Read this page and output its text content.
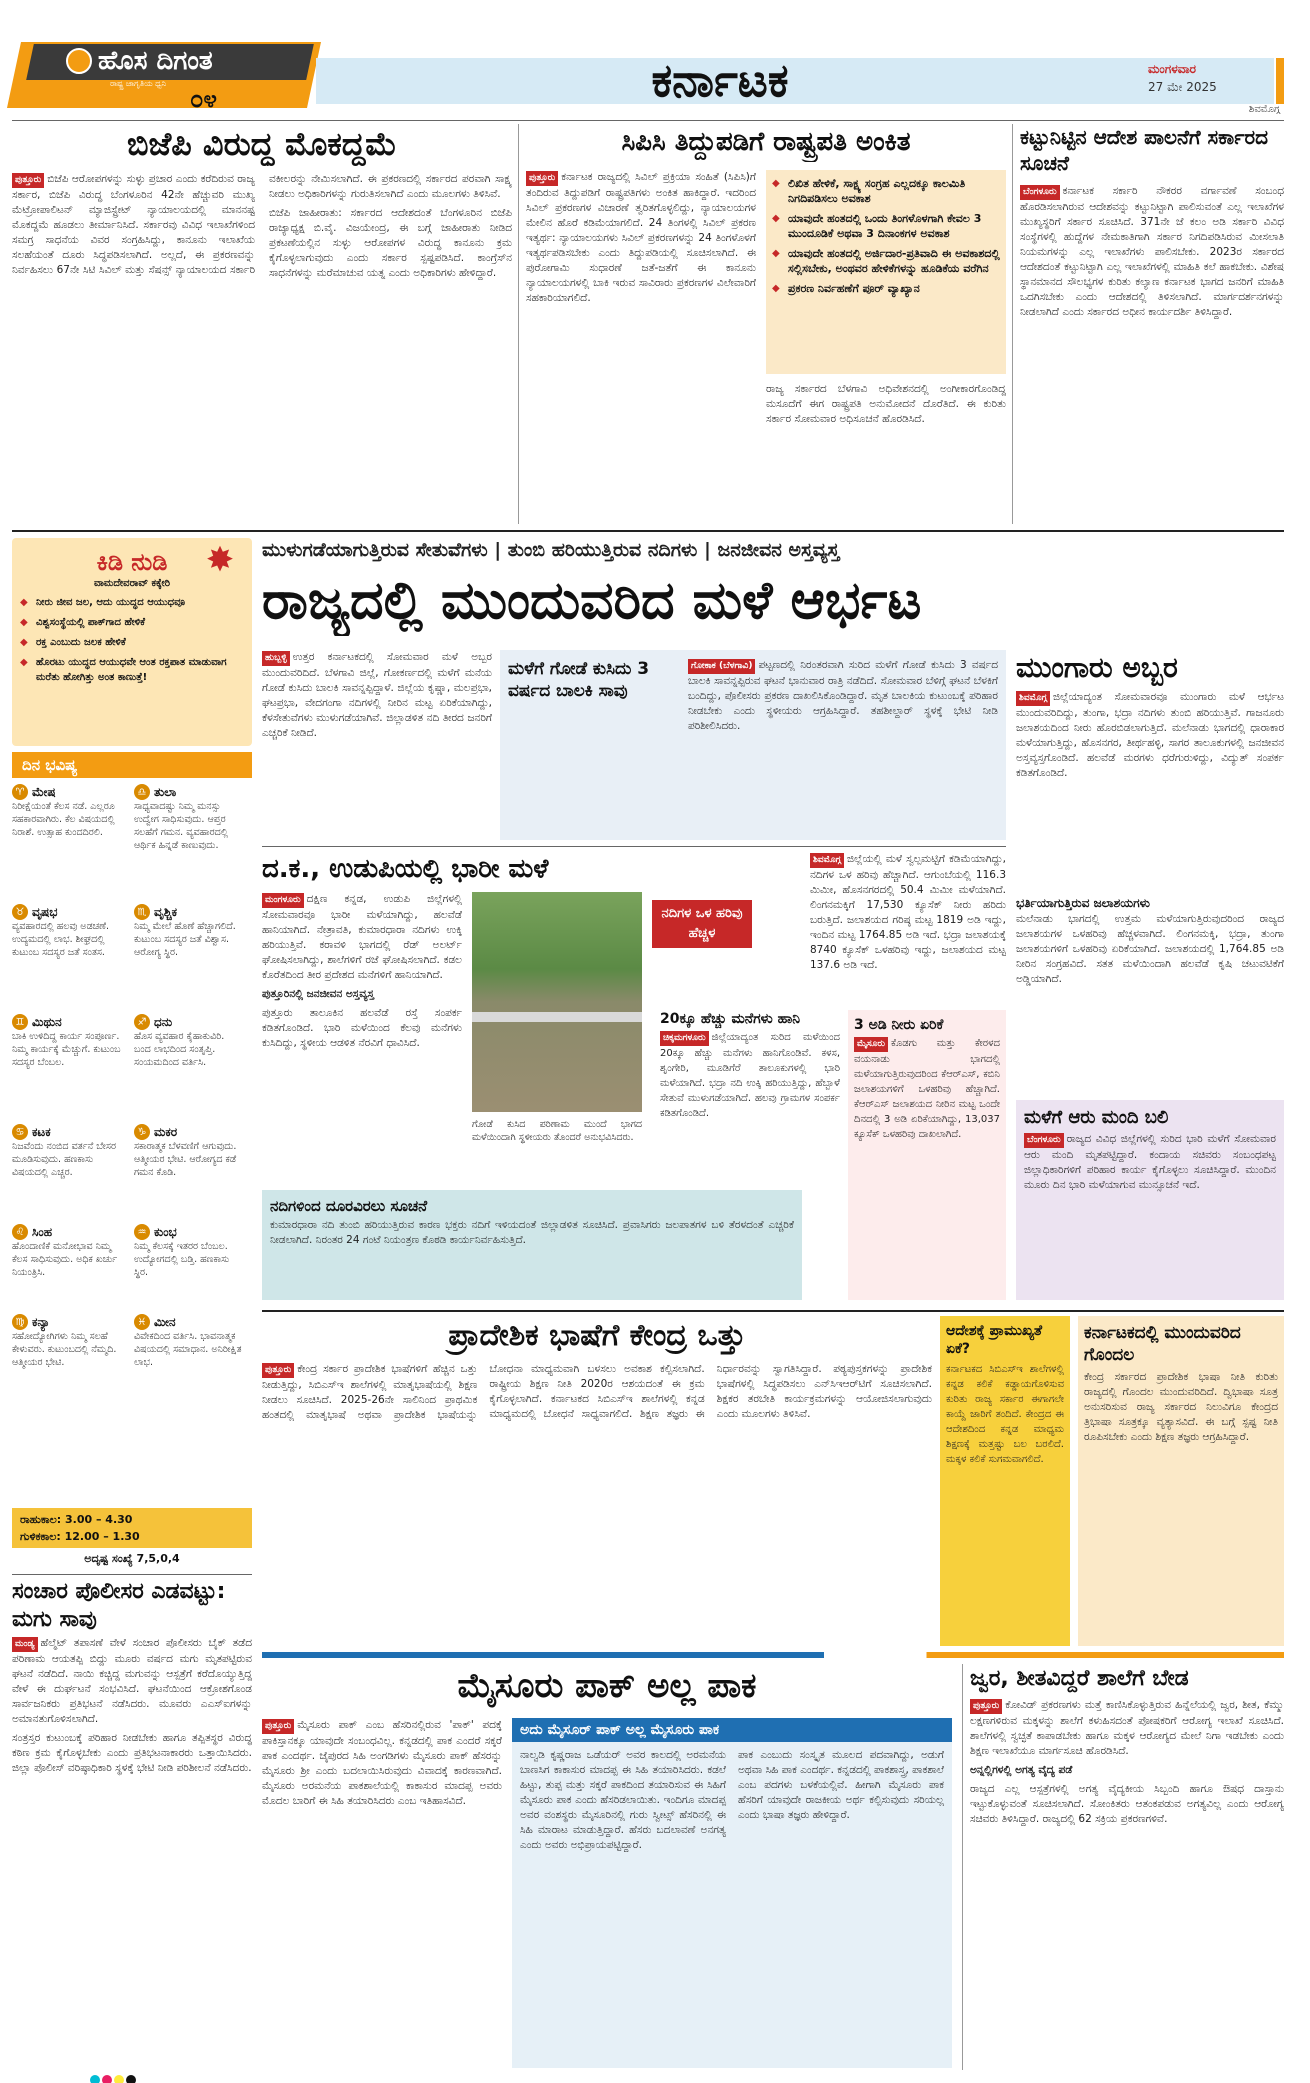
ಹೊಸ ದಿಗಂತ
ರಾಷ್ಟ್ರ ಜಾಗೃತಿಯ ಧ್ವನಿ
೦೪	ಕರ್ನಾಟಕ	ಮಂಗಳವಾರ
27 ಮೇ 2025
ಶಿವಮೊಗ್ಗ
ಬಿಜೆಪಿ ವಿರುದ್ಧ ಮೊಕದ್ದಮೆ

ಪುತ್ತೂರು ಬಿಜೆಪಿ ಆರೋಪಗಳನ್ನು ಸುಳ್ಳು ಪ್ರಚಾರ ಎಂದು ಕರೆದಿರುವ ರಾಜ್ಯ ಸರ್ಕಾರ, ಬಿಜೆಪಿ ವಿರುದ್ಧ ಬೆಂಗಳೂರಿನ 42ನೇ ಹೆಚ್ಚುವರಿ ಮುಖ್ಯ ಮೆಟ್ರೋಪಾಲಿಟನ್ ಮ್ಯಾಜಿಸ್ಟ್ರೇಟ್ ನ್ಯಾಯಾಲಯದಲ್ಲಿ ಮಾನನಷ್ಟ ಮೊಕದ್ದಮೆ ಹೂಡಲು ತೀರ್ಮಾನಿಸಿದೆ. ಸರ್ಕಾರವು ವಿವಿಧ ಇಲಾಖೆಗಳಿಂದ ಸಮಗ್ರ ಸಾಧನೆಯ ವಿವರ ಸಂಗ್ರಹಿಸಿದ್ದು, ಕಾನೂನು ಇಲಾಖೆಯ ಸಲಹೆಯಂತೆ ದೂರು ಸಿದ್ಧಪಡಿಸಲಾಗಿದೆ. ಅಲ್ಲದೆ, ಈ ಪ್ರಕರಣವನ್ನು ನಿರ್ವಹಿಸಲು 67ನೇ ಸಿಟಿ ಸಿವಿಲ್ ಮತ್ತು ಸೆಷನ್ಸ್ ನ್ಯಾಯಾಲಯದ ಸರ್ಕಾರಿ ವಕೀಲರನ್ನು ನೇಮಿಸಲಾಗಿದೆ. ಈ ಪ್ರಕರಣದಲ್ಲಿ ಸರ್ಕಾರದ ಪರವಾಗಿ ಸಾಕ್ಷ್ಯ ನೀಡಲು ಅಧಿಕಾರಿಗಳನ್ನು ಗುರುತಿಸಲಾಗಿದೆ ಎಂದು ಮೂಲಗಳು ತಿಳಿಸಿವೆ.

ಬಿಜೆಪಿ ಜಾಹೀರಾತು: ಸರ್ಕಾರದ ಆದೇಶದಂತೆ ಬೆಂಗಳೂರಿನ ಬಿಜೆಪಿ ರಾಜ್ಯಾಧ್ಯಕ್ಷ ಬಿ.ವೈ. ವಿಜಯೇಂದ್ರ, ಈ ಬಗ್ಗೆ ಜಾಹೀರಾತು ನೀಡಿದ ಪ್ರಕಟಣೆಯಲ್ಲಿನ ಸುಳ್ಳು ಆರೋಪಗಳ ವಿರುದ್ಧ ಕಾನೂನು ಕ್ರಮ ಕೈಗೊಳ್ಳಲಾಗುವುದು ಎಂದು ಸರ್ಕಾರ ಸ್ಪಷ್ಟಪಡಿಸಿದೆ. ಕಾಂಗ್ರೆಸ್‌ನ ಸಾಧನೆಗಳನ್ನು ಮರೆಮಾಚುವ ಯತ್ನ ಎಂದು ಅಧಿಕಾರಿಗಳು ಹೇಳಿದ್ದಾರೆ.

ಸಿಪಿಸಿ ತಿದ್ದುಪಡಿಗೆ ರಾಷ್ಟ್ರಪತಿ ಅಂಕಿತ

ಪುತ್ತೂರು ಕರ್ನಾಟಕ ರಾಜ್ಯದಲ್ಲಿ ಸಿವಿಲ್ ಪ್ರಕ್ರಿಯಾ ಸಂಹಿತೆ (ಸಿಪಿಸಿ)ಗೆ ತಂದಿರುವ ತಿದ್ದುಪಡಿಗೆ ರಾಷ್ಟ್ರಪತಿಗಳು ಅಂಕಿತ ಹಾಕಿದ್ದಾರೆ. ಇದರಿಂದ ಸಿವಿಲ್ ಪ್ರಕರಣಗಳ ವಿಚಾರಣೆ ತ್ವರಿತಗೊಳ್ಳಲಿದ್ದು, ನ್ಯಾಯಾಲಯಗಳ ಮೇಲಿನ ಹೊರೆ ಕಡಿಮೆಯಾಗಲಿದೆ. 24 ತಿಂಗಳಲ್ಲಿ ಸಿವಿಲ್ ಪ್ರಕರಣ ಇತ್ಯರ್ಥ: ನ್ಯಾಯಾಲಯಗಳು ಸಿವಿಲ್ ಪ್ರಕರಣಗಳನ್ನು 24 ತಿಂಗಳೊಳಗೆ ಇತ್ಯರ್ಥಪಡಿಸಬೇಕು ಎಂದು ತಿದ್ದುಪಡಿಯಲ್ಲಿ ಸೂಚಿಸಲಾಗಿದೆ. ಈ ಪುರೋಗಾಮಿ ಸುಧಾರಣೆ ಜತೆ-ಜತೆಗೆ ಈ ಕಾನೂನು ನ್ಯಾಯಾಲಯಗಳಲ್ಲಿ ಬಾಕಿ ಇರುವ ಸಾವಿರಾರು ಪ್ರಕರಣಗಳ ವಿಲೇವಾರಿಗೆ ಸಹಕಾರಿಯಾಗಲಿದೆ.

◆ ಲಿಖಿತ ಹೇಳಿಕೆ, ಸಾಕ್ಷ್ಯ ಸಂಗ್ರಹ ಎಲ್ಲದಕ್ಕೂ ಕಾಲಮಿತಿ ನಿಗದಿಪಡಿಸಲು ಅವಕಾಶ
◆ ಯಾವುದೇ ಹಂತದಲ್ಲಿ ಒಂದು ತಿಂಗಳೊಳಗಾಗಿ ಕೇವಲ 3 ಮುಂದೂಡಿಕೆ ಅಥವಾ 3 ದಿನಾಂಕಗಳ ಅವಕಾಶ
◆ ಯಾವುದೇ ಹಂತದಲ್ಲಿ ಅರ್ಜಿದಾರ-ಪ್ರತಿವಾದಿ ಈ ಅವಕಾಶದಲ್ಲಿ ಸಲ್ಲಿಸಬೇಕು, ಅಂಥವರ ಹೇಳಿಕೆಗಳನ್ನು ಹೂಡಿಕೆಯ ವರೆಗಿನ
◆ ಪ್ರಕರಣ ನಿರ್ವಹಣೆಗೆ ಪೂರ್ ವ್ಯಾಖ್ಯಾನ
ರಾಜ್ಯ ಸರ್ಕಾರದ ಬೆಳಗಾವಿ ಅಧಿವೇಶನದಲ್ಲಿ ಅಂಗೀಕಾರಗೊಂಡಿದ್ದ ಮಸೂದೆಗೆ ಈಗ ರಾಷ್ಟ್ರಪತಿ ಅನುಮೋದನೆ ದೊರೆತಿದೆ. ಈ ಕುರಿತು ಸರ್ಕಾರ ಸೋಮವಾರ ಅಧಿಸೂಚನೆ ಹೊರಡಿಸಿದೆ.
ಕಟ್ಟುನಿಟ್ಟಿನ ಆದೇಶ ಪಾಲನೆಗೆ ಸರ್ಕಾರದ ಸೂಚನೆ

ಬೆಂಗಳೂರು ಕರ್ನಾಟಕ ಸರ್ಕಾರಿ ನೌಕರರ ವರ್ಗಾವಣೆ ಸಂಬಂಧ ಹೊರಡಿಸಲಾಗಿರುವ ಆದೇಶವನ್ನು ಕಟ್ಟುನಿಟ್ಟಾಗಿ ಪಾಲಿಸುವಂತೆ ಎಲ್ಲ ಇಲಾಖೆಗಳ ಮುಖ್ಯಸ್ಥರಿಗೆ ಸರ್ಕಾರ ಸೂಚಿಸಿದೆ. 371ನೇ ಜೆ ಕಲಂ ಅಡಿ ಸರ್ಕಾರಿ ವಿವಿಧ ಸಂಸ್ಥೆಗಳಲ್ಲಿ ಹುದ್ದೆಗಳ ನೇಮಕಾತಿಗಾಗಿ ಸರ್ಕಾರ ನಿಗದಿಪಡಿಸಿರುವ ಮೀಸಲಾತಿ ನಿಯಮಗಳನ್ನು ಎಲ್ಲ ಇಲಾಖೆಗಳು ಪಾಲಿಸಬೇಕು. 2023ರ ಸರ್ಕಾರದ ಆದೇಶದಂತೆ ಕಟ್ಟುನಿಟ್ಟಾಗಿ ಎಲ್ಲ ಇಲಾಖೆಗಳಲ್ಲಿ ಮಾಹಿತಿ ಕಲೆ ಹಾಕಬೇಕು. ವಿಶೇಷ ಸ್ಥಾನಮಾನದ ಸೌಲಭ್ಯಗಳ ಕುರಿತು ಕಲ್ಯಾಣ ಕರ್ನಾಟಕ ಭಾಗದ ಜನರಿಗೆ ಮಾಹಿತಿ ಒದಗಿಸಬೇಕು ಎಂದು ಆದೇಶದಲ್ಲಿ ತಿಳಿಸಲಾಗಿದೆ. ಮಾರ್ಗದರ್ಶನಗಳನ್ನು ನೀಡಲಾಗಿದೆ ಎಂದು ಸರ್ಕಾರದ ಅಧೀನ ಕಾರ್ಯದರ್ಶಿ ತಿಳಿಸಿದ್ದಾರೆ.

ಕಿಡಿ ನುಡಿ
ವಾಮದೇವರಾವ್ ಕಕ್ಕೇರಿ
◆ ನೀರು ಜೀವ ಜಲ, ಆದು ಯುದ್ಧದ ಆಯುಧವೂ
◆ ವಿಶ್ವಸಂಸ್ಥೆಯಲ್ಲಿ ಪಾಕ್‌ಗಾದ ಹೇಳಿಕೆ
◆ ರಕ್ತ ಎಂಬುದು ಜಲಕ ಹೇಳಿಕೆ
◆ ಹೊರಟು ಯುದ್ಧದ ಆಯುಧವೇ ಆಂತ ರಕ್ತಪಾತ ಮಾಡುವಾಗ ಮರೆತು ಹೋಗಿತ್ತು ಅಂತ ಕಾಣುತ್ತೆ!
✸
ದಿನ ಭವಿಷ್ಯ
♈ ಮೇಷ
ನಿರೀಕ್ಷೆಯಂತೆ ಕೆಲಸ ನಡೆ. ಎಲ್ಲರೂ ಸಹಕಾರವಾಗಿರು. ಕೆಲ ವಿಷಯದಲ್ಲಿ ನಿರಾಶೆ. ಉತ್ಸಾಹ ಕುಂದದಿರಲಿ.
♎ ತುಲಾ
ಸಾಧ್ಯವಾದಷ್ಟು ನಿಮ್ಮ ಮನಸ್ಸು ಉದ್ವೇಗ ಸಾಧಿಸುವುದು. ಆಪ್ತರ ಸಲಹೆಗೆ ಗಮನ. ವ್ಯವಹಾರದಲ್ಲಿ ಆರ್ಥಿಕ ಹಿನ್ನಡೆ ಕಾಣುವುದು.
♉ ವೃಷಭ
ವ್ಯವಹಾರದಲ್ಲಿ ಹಲವು ಅಡಚಣೆ. ಉದ್ಯಮದಲ್ಲಿ ಲಾಭ. ಶೀಘ್ರದಲ್ಲಿ ಕುಟುಂಬ ಸದಸ್ಯರ ಜತೆ ಸಂತಸ.
♏ ವೃಶ್ಚಿಕ
ನಿಮ್ಮ ಮೇಲೆ ಹೊಣೆ ಹೆಚ್ಚಾಗಲಿದೆ. ಕುಟುಂಬ ಸದಸ್ಯರ ಜತೆ ವಿಶ್ವಾಸ. ಆರೋಗ್ಯ ಸ್ಥಿರ.
♊ ಮಿಥುನ
ಬಾಕಿ ಉಳಿದಿದ್ದ ಕಾರ್ಯ ಸಂಪೂರ್ಣ. ನಿಮ್ಮ ಕಾರ್ಯಕ್ಕೆ ಮೆಚ್ಚುಗೆ. ಕುಟುಂಬ ಸದಸ್ಯರ ಬೆಂಬಲ.
♐ ಧನು
ಹೊಸ ವ್ಯವಹಾರ ಕೈಹಾಕುವಿರಿ. ಬಂದ ಲಾಭದಿಂದ ಸಂತೃಪ್ತಿ. ಸಂಯಮದಿಂದ ವರ್ತಿಸಿ.
♋ ಕಟಕ
ನಿಜವೆಂದು ನಂಬಿದ ವರ್ತನೆ ಬೇಸರ ಮೂಡಿಸುವುದು. ಹಣಕಾಸು ವಿಷಯದಲ್ಲಿ ಎಚ್ಚರ.
♑ ಮಕರ
ಸಕಾರಾತ್ಮಕ ಬೆಳವಣಿಗೆ ಆಗುವುದು. ಆತ್ಮೀಯರ ಭೇಟಿ. ಆರೋಗ್ಯದ ಕಡೆ ಗಮನ ಕೊಡಿ.
♌ ಸಿಂಹ
ಹೊಂದಾಣಿಕೆ ಮನೋಭಾವ ನಿಮ್ಮ ಕೆಲಸ ಸಾಧಿಸುವುದು. ಅಧಿಕ ಖರ್ಚು ನಿಯಂತ್ರಿಸಿ.
♒ ಕುಂಭ
ನಿಮ್ಮ ಕೆಲಸಕ್ಕೆ ಇತರರ ಬೆಂಬಲ. ಉದ್ಯೋಗದಲ್ಲಿ ಬಡ್ತಿ. ಹಣಕಾಸು ಸ್ಥಿರ.
♍ ಕನ್ಯಾ
ಸಹೋದ್ಯೋಗಿಗಳು ನಿಮ್ಮ ಸಲಹೆ ಕೇಳುವರು. ಕುಟುಂಬದಲ್ಲಿ ನೆಮ್ಮದಿ. ಆತ್ಮೀಯರ ಭೇಟಿ.
♓ ಮೀನ
ವಿವೇಕದಿಂದ ವರ್ತಿಸಿ. ಭಾವನಾತ್ಮಕ ವಿಷಯದಲ್ಲಿ ಸಮಾಧಾನ. ಅನಿರೀಕ್ಷಿತ ಲಾಭ.
ರಾಹುಕಾಲ: 3.00 – 4.30
ಗುಳಿಕಕಾಲ: 12.00 – 1.30
ಅದೃಷ್ಟ ಸಂಖ್ಯೆ 7,5,0,4
ಮುಳುಗಡೆಯಾಗುತ್ತಿರುವ ಸೇತುವೆಗಳು | ತುಂಬಿ ಹರಿಯುತ್ತಿರುವ ನದಿಗಳು | ಜನಜೀವನ ಅಸ್ತವ್ಯಸ್ತ
ರಾಜ್ಯದಲ್ಲಿ ಮುಂದುವರಿದ ಮಳೆ ಆರ್ಭಟ

ಹುಬ್ಬಳ್ಳಿ ಉತ್ತರ ಕರ್ನಾಟಕದಲ್ಲಿ ಸೋಮವಾರ ಮಳೆ ಅಬ್ಬರ ಮುಂದುವರಿದಿದೆ. ಬೆಳಗಾವಿ ಜಿಲ್ಲೆ, ಗೋಕರ್ಣದಲ್ಲಿ ಮಳೆಗೆ ಮನೆಯ ಗೋಡೆ ಕುಸಿದು ಬಾಲಕಿ ಸಾವನ್ನಪ್ಪಿದ್ದಾಳೆ. ಜಿಲ್ಲೆಯ ಕೃಷ್ಣಾ, ಮಲಪ್ರಭಾ, ಘಟಪ್ರಭಾ, ವೇದಗಂಗಾ ನದಿಗಳಲ್ಲಿ ನೀರಿನ ಮಟ್ಟ ಏರಿಕೆಯಾಗಿದ್ದು, ಕೆಳಸೇತುವೆಗಳು ಮುಳುಗಡೆಯಾಗಿವೆ. ಜಿಲ್ಲಾಡಳಿತ ನದಿ ತೀರದ ಜನರಿಗೆ ಎಚ್ಚರಿಕೆ ನೀಡಿದೆ.

ಮಳೆಗೆ ಗೋಡೆ ಕುಸಿದು 3 ವರ್ಷದ ಬಾಲಕಿ ಸಾವು

ಗೋಕಾಕ (ಬೆಳಗಾವಿ) ಪಟ್ಟಣದಲ್ಲಿ ನಿರಂತರವಾಗಿ ಸುರಿದ ಮಳೆಗೆ ಗೋಡೆ ಕುಸಿದು 3 ವರ್ಷದ ಬಾಲಕಿ ಸಾವನ್ನಪ್ಪಿರುವ ಘಟನೆ ಭಾನುವಾರ ರಾತ್ರಿ ನಡೆದಿದೆ. ಸೋಮವಾರ ಬೆಳಿಗ್ಗೆ ಘಟನೆ ಬೆಳಕಿಗೆ ಬಂದಿದ್ದು, ಪೊಲೀಸರು ಪ್ರಕರಣ ದಾಖಲಿಸಿಕೊಂಡಿದ್ದಾರೆ. ಮೃತ ಬಾಲಕಿಯ ಕುಟುಂಬಕ್ಕೆ ಪರಿಹಾರ ನೀಡಬೇಕು ಎಂದು ಸ್ಥಳೀಯರು ಆಗ್ರಹಿಸಿದ್ದಾರೆ. ತಹಶೀಲ್ದಾರ್ ಸ್ಥಳಕ್ಕೆ ಭೇಟಿ ನೀಡಿ ಪರಿಶೀಲಿಸಿದರು.

ಮುಂಗಾರು ಅಬ್ಬರ

ಶಿವಮೊಗ್ಗ ಜಿಲ್ಲೆಯಾದ್ಯಂತ ಸೋಮವಾರವೂ ಮುಂಗಾರು ಮಳೆ ಆರ್ಭಟ ಮುಂದುವರಿದಿದ್ದು, ತುಂಗಾ, ಭದ್ರಾ ನದಿಗಳು ತುಂಬಿ ಹರಿಯುತ್ತಿವೆ. ಗಾಜನೂರು ಜಲಾಶಯದಿಂದ ನೀರು ಹೊರಬಿಡಲಾಗುತ್ತಿದೆ. ಮಲೆನಾಡು ಭಾಗದಲ್ಲಿ ಧಾರಾಕಾರ ಮಳೆಯಾಗುತ್ತಿದ್ದು, ಹೊಸನಗರ, ತೀರ್ಥಹಳ್ಳಿ, ಸಾಗರ ತಾಲೂಕುಗಳಲ್ಲಿ ಜನಜೀವನ ಅಸ್ತವ್ಯಸ್ತಗೊಂಡಿದೆ. ಹಲವೆಡೆ ಮರಗಳು ಧರೆಗುರುಳಿದ್ದು, ವಿದ್ಯುತ್ ಸಂಪರ್ಕ ಕಡಿತಗೊಂಡಿದೆ.

ಭರ್ತಿಯಾಗುತ್ತಿರುವ ಜಲಾಶಯಗಳು
ಮಲೆನಾಡು ಭಾಗದಲ್ಲಿ ಉತ್ತಮ ಮಳೆಯಾಗುತ್ತಿರುವುದರಿಂದ ರಾಜ್ಯದ ಜಲಾಶಯಗಳ ಒಳಹರಿವು ಹೆಚ್ಚಳವಾಗಿದೆ. ಲಿಂಗನಮಕ್ಕಿ, ಭದ್ರಾ, ತುಂಗಾ ಜಲಾಶಯಗಳಿಗೆ ಒಳಹರಿವು ಏರಿಕೆಯಾಗಿದೆ. ಜಲಾಶಯದಲ್ಲಿ 1,764.85 ಅಡಿ ನೀರಿನ ಸಂಗ್ರಹವಿದೆ. ಸತತ ಮಳೆಯಿಂದಾಗಿ ಹಲವೆಡೆ ಕೃಷಿ ಚಟುವಟಿಕೆಗೆ ಅಡ್ಡಿಯಾಗಿದೆ.
ದ.ಕ., ಉಡುಪಿಯಲ್ಲಿ ಭಾರೀ ಮಳೆ

ಮಂಗಳೂರು ದಕ್ಷಿಣ ಕನ್ನಡ, ಉಡುಪಿ ಜಿಲ್ಲೆಗಳಲ್ಲಿ ಸೋಮವಾರವೂ ಭಾರೀ ಮಳೆಯಾಗಿದ್ದು, ಹಲವೆಡೆ ಹಾನಿಯಾಗಿದೆ. ನೇತ್ರಾವತಿ, ಕುಮಾರಧಾರಾ ನದಿಗಳು ಉಕ್ಕಿ ಹರಿಯುತ್ತಿವೆ. ಕರಾವಳಿ ಭಾಗದಲ್ಲಿ ರೆಡ್ ಅಲರ್ಟ್ ಘೋಷಿಸಲಾಗಿದ್ದು, ಶಾಲೆಗಳಿಗೆ ರಜೆ ಘೋಷಿಸಲಾಗಿದೆ. ಕಡಲ ಕೊರೆತದಿಂದ ತೀರ ಪ್ರದೇಶದ ಮನೆಗಳಿಗೆ ಹಾನಿಯಾಗಿದೆ.

ಪುತ್ತೂರಿನಲ್ಲಿ ಜನಜೀವನ ಅಸ್ತವ್ಯಸ್ತ

ಪುತ್ತೂರು ತಾಲೂಕಿನ ಹಲವೆಡೆ ರಸ್ತೆ ಸಂಪರ್ಕ ಕಡಿತಗೊಂಡಿದೆ. ಭಾರಿ ಮಳೆಯಿಂದ ಕೆಲವು ಮನೆಗಳು ಕುಸಿದಿದ್ದು, ಸ್ಥಳೀಯ ಆಡಳಿತ ನೆರವಿಗೆ ಧಾವಿಸಿದೆ.

ಗೋಡೆ ಕುಸಿದ ಪರಿಣಾಮ ಮುಂದೆ ಭಾಗದ ಮಳೆಯಿಂದಾಗಿ ಸ್ಥಳೀಯರು ತೊಂದರೆ ಅನುಭವಿಸಿದರು.
ನದಿಗಳಿಂದ ದೂರವಿರಲು ಸೂಚನೆ
ಕುಮಾರಧಾರಾ ನದಿ ತುಂಬಿ ಹರಿಯುತ್ತಿರುವ ಕಾರಣ ಭಕ್ತರು ನದಿಗೆ ಇಳಿಯದಂತೆ ಜಿಲ್ಲಾಡಳಿತ ಸೂಚಿಸಿದೆ. ಪ್ರವಾಸಿಗರು ಜಲಪಾತಗಳ ಬಳಿ ತೆರಳದಂತೆ ಎಚ್ಚರಿಕೆ ನೀಡಲಾಗಿದೆ. ನಿರಂತರ 24 ಗಂಟೆ ನಿಯಂತ್ರಣ ಕೊಠಡಿ ಕಾರ್ಯನಿರ್ವಹಿಸುತ್ತಿದೆ.

ಶಿವಮೊಗ್ಗ ಜಿಲ್ಲೆಯಲ್ಲಿ ಮಳೆ ಸ್ವಲ್ಪಮಟ್ಟಿಗೆ ಕಡಿಮೆಯಾಗಿದ್ದು, ನದಿಗಳ ಒಳ ಹರಿವು ಹೆಚ್ಚಾಗಿದೆ. ಆಗುಂಬೆಯಲ್ಲಿ 116.3 ಮಿಮೀ, ಹೊಸನಗರದಲ್ಲಿ 50.4 ಮಿಮೀ ಮಳೆಯಾಗಿದೆ. ಲಿಂಗನಮಕ್ಕಿಗೆ 17,530 ಕ್ಯೂಸೆಕ್ ನೀರು ಹರಿದು ಬರುತ್ತಿದೆ. ಜಲಾಶಯದ ಗರಿಷ್ಠ ಮಟ್ಟ 1819 ಅಡಿ ಇದ್ದು, ಇಂದಿನ ಮಟ್ಟ 1764.85 ಅಡಿ ಇದೆ. ಭದ್ರಾ ಜಲಾಶಯಕ್ಕೆ 8740 ಕ್ಯೂಸೆಕ್ ಒಳಹರಿವು ಇದ್ದು, ಜಲಾಶಯದ ಮಟ್ಟ 137.6 ಅಡಿ ಇದೆ.

ನದಿಗಳ ಒಳ ಹರಿವು ಹೆಚ್ಚಳ
20ಕ್ಕೂ ಹೆಚ್ಚು ಮನೆಗಳು ಹಾನಿ

ಚಿಕ್ಕಮಗಳೂರು ಜಿಲ್ಲೆಯಾದ್ಯಂತ ಸುರಿದ ಮಳೆಯಿಂದ 20ಕ್ಕೂ ಹೆಚ್ಚು ಮನೆಗಳು ಹಾನಿಗೊಂಡಿವೆ. ಕಳಸ, ಶೃಂಗೇರಿ, ಮೂಡಿಗೆರೆ ತಾಲೂಕುಗಳಲ್ಲಿ ಭಾರಿ ಮಳೆಯಾಗಿದೆ. ಭದ್ರಾ ನದಿ ಉಕ್ಕಿ ಹರಿಯುತ್ತಿದ್ದು, ಹೆಬ್ಬಾಳೆ ಸೇತುವೆ ಮುಳುಗಡೆಯಾಗಿದೆ. ಹಲವು ಗ್ರಾಮಗಳ ಸಂಪರ್ಕ ಕಡಿತಗೊಂಡಿದೆ.

3 ಅಡಿ ನೀರು ಏರಿಕೆ

ಮೈಸೂರು ಕೊಡಗು ಮತ್ತು ಕೇರಳದ ವಯನಾಡು ಭಾಗದಲ್ಲಿ ಮಳೆಯಾಗುತ್ತಿರುವುದರಿಂದ ಕೆಆರ್‌ಎಸ್, ಕಬಿನಿ ಜಲಾಶಯಗಳಿಗೆ ಒಳಹರಿವು ಹೆಚ್ಚಾಗಿದೆ. ಕೆಆರ್‌ಎಸ್ ಜಲಾಶಯದ ನೀರಿನ ಮಟ್ಟ ಒಂದೇ ದಿನದಲ್ಲಿ 3 ಅಡಿ ಏರಿಕೆಯಾಗಿದ್ದು, 13,037 ಕ್ಯೂಸೆಕ್ ಒಳಹರಿವು ದಾಖಲಾಗಿದೆ.

ಮಳೆಗೆ ಆರು ಮಂದಿ ಬಲಿ

ಬೆಂಗಳೂರು ರಾಜ್ಯದ ವಿವಿಧ ಜಿಲ್ಲೆಗಳಲ್ಲಿ ಸುರಿದ ಭಾರಿ ಮಳೆಗೆ ಸೋಮವಾರ ಆರು ಮಂದಿ ಮೃತಪಟ್ಟಿದ್ದಾರೆ. ಕಂದಾಯ ಸಚಿವರು ಸಂಬಂಧಪಟ್ಟ ಜಿಲ್ಲಾಧಿಕಾರಿಗಳಿಗೆ ಪರಿಹಾರ ಕಾರ್ಯ ಕೈಗೊಳ್ಳಲು ಸೂಚಿಸಿದ್ದಾರೆ. ಮುಂದಿನ ಮೂರು ದಿನ ಭಾರಿ ಮಳೆಯಾಗುವ ಮುನ್ಸೂಚನೆ ಇದೆ.

ಪ್ರಾದೇಶಿಕ ಭಾಷೆಗೆ ಕೇಂದ್ರ ಒತ್ತು

ಪುತ್ತೂರು ಕೇಂದ್ರ ಸರ್ಕಾರ ಪ್ರಾದೇಶಿಕ ಭಾಷೆಗಳಿಗೆ ಹೆಚ್ಚಿನ ಒತ್ತು ನೀಡುತ್ತಿದ್ದು, ಸಿಬಿಎಸ್‌ಇ ಶಾಲೆಗಳಲ್ಲಿ ಮಾತೃಭಾಷೆಯಲ್ಲಿ ಶಿಕ್ಷಣ ನೀಡಲು ಸೂಚಿಸಿದೆ. 2025-26ನೇ ಸಾಲಿನಿಂದ ಪ್ರಾಥಮಿಕ ಹಂತದಲ್ಲಿ ಮಾತೃಭಾಷೆ ಅಥವಾ ಪ್ರಾದೇಶಿಕ ಭಾಷೆಯನ್ನು ಬೋಧನಾ ಮಾಧ್ಯಮವಾಗಿ ಬಳಸಲು ಅವಕಾಶ ಕಲ್ಪಿಸಲಾಗಿದೆ. ರಾಷ್ಟ್ರೀಯ ಶಿಕ್ಷಣ ನೀತಿ 2020ರ ಆಶಯದಂತೆ ಈ ಕ್ರಮ ಕೈಗೊಳ್ಳಲಾಗಿದೆ. ಕರ್ನಾಟಕದ ಸಿಬಿಎಸ್‌ಇ ಶಾಲೆಗಳಲ್ಲಿ ಕನ್ನಡ ಮಾಧ್ಯಮದಲ್ಲಿ ಬೋಧನೆ ಸಾಧ್ಯವಾಗಲಿದೆ. ಶಿಕ್ಷಣ ತಜ್ಞರು ಈ ನಿರ್ಧಾರವನ್ನು ಸ್ವಾಗತಿಸಿದ್ದಾರೆ. ಪಠ್ಯಪುಸ್ತಕಗಳನ್ನು ಪ್ರಾದೇಶಿಕ ಭಾಷೆಗಳಲ್ಲಿ ಸಿದ್ಧಪಡಿಸಲು ಎನ್‌ಸಿಇಆರ್‌ಟಿಗೆ ಸೂಚಿಸಲಾಗಿದೆ. ಶಿಕ್ಷಕರ ತರಬೇತಿ ಕಾರ್ಯಕ್ರಮಗಳನ್ನು ಆಯೋಜಿಸಲಾಗುವುದು ಎಂದು ಮೂಲಗಳು ತಿಳಿಸಿವೆ.

ಆದೇಶಕ್ಕೆ ಪ್ರಾಮುಖ್ಯತೆ ಏಕೆ?
ಕರ್ನಾಟಕದ ಸಿಬಿಎಸ್‌ಇ ಶಾಲೆಗಳಲ್ಲಿ ಕನ್ನಡ ಕಲಿಕೆ ಕಡ್ಡಾಯಗೊಳಿಸುವ ಕುರಿತು ರಾಜ್ಯ ಸರ್ಕಾರ ಈಗಾಗಲೇ ಕಾಯ್ದೆ ಜಾರಿಗೆ ತಂದಿದೆ. ಕೇಂದ್ರದ ಈ ಆದೇಶದಿಂದ ಕನ್ನಡ ಮಾಧ್ಯಮ ಶಿಕ್ಷಣಕ್ಕೆ ಮತ್ತಷ್ಟು ಬಲ ಬರಲಿದೆ. ಮಕ್ಕಳ ಕಲಿಕೆ ಸುಗಮವಾಗಲಿದೆ.
ಕರ್ನಾಟಕದಲ್ಲಿ ಮುಂದುವರಿದ ಗೊಂದಲ
ಕೇಂದ್ರ ಸರ್ಕಾರದ ಪ್ರಾದೇಶಿಕ ಭಾಷಾ ನೀತಿ ಕುರಿತು ರಾಜ್ಯದಲ್ಲಿ ಗೊಂದಲ ಮುಂದುವರಿದಿದೆ. ದ್ವಿಭಾಷಾ ಸೂತ್ರ ಅನುಸರಿಸುವ ರಾಜ್ಯ ಸರ್ಕಾರದ ನಿಲುವಿಗೂ ಕೇಂದ್ರದ ತ್ರಿಭಾಷಾ ಸೂತ್ರಕ್ಕೂ ವ್ಯತ್ಯಾಸವಿದೆ. ಈ ಬಗ್ಗೆ ಸ್ಪಷ್ಟ ನೀತಿ ರೂಪಿಸಬೇಕು ಎಂದು ಶಿಕ್ಷಣ ತಜ್ಞರು ಆಗ್ರಹಿಸಿದ್ದಾರೆ.
ಸಂಚಾರ ಪೊಲೀಸರ ಎಡವಟ್ಟು: ಮಗು ಸಾವು

ಮಂಡ್ಯ ಹೆಲ್ಮೆಟ್ ತಪಾಸಣೆ ವೇಳೆ ಸಂಚಾರ ಪೊಲೀಸರು ಬೈಕ್ ತಡೆದ ಪರಿಣಾಮ ಆಯತಪ್ಪಿ ಬಿದ್ದು ಮೂರು ವರ್ಷದ ಮಗು ಮೃತಪಟ್ಟಿರುವ ಘಟನೆ ನಡೆದಿದೆ. ನಾಯಿ ಕಚ್ಚಿದ್ದ ಮಗುವನ್ನು ಆಸ್ಪತ್ರೆಗೆ ಕರೆದೊಯ್ಯುತ್ತಿದ್ದ ವೇಳೆ ಈ ದುರ್ಘಟನೆ ಸಂಭವಿಸಿದೆ. ಘಟನೆಯಿಂದ ಆಕ್ರೋಶಗೊಂಡ ಸಾರ್ವಜನಿಕರು ಪ್ರತಿಭಟನೆ ನಡೆಸಿದರು. ಮೂವರು ಎಎಸ್‌ಐಗಳನ್ನು ಅಮಾನತುಗೊಳಿಸಲಾಗಿದೆ.

ಸಂತ್ರಸ್ತರ ಕುಟುಂಬಕ್ಕೆ ಪರಿಹಾರ ನೀಡಬೇಕು ಹಾಗೂ ತಪ್ಪಿತಸ್ಥರ ವಿರುದ್ಧ ಕಠಿಣ ಕ್ರಮ ಕೈಗೊಳ್ಳಬೇಕು ಎಂದು ಪ್ರತಿಭಟನಾಕಾರರು ಒತ್ತಾಯಿಸಿದರು. ಜಿಲ್ಲಾ ಪೊಲೀಸ್ ವರಿಷ್ಠಾಧಿಕಾರಿ ಸ್ಥಳಕ್ಕೆ ಭೇಟಿ ನೀಡಿ ಪರಿಶೀಲನೆ ನಡೆಸಿದರು.

ಮೈಸೂರು ಪಾಕ್ ಅಲ್ಲ ಪಾಕ

ಪುತ್ತೂರು ಮೈಸೂರು ಪಾಕ್ ಎಂಬ ಹೆಸರಿನಲ್ಲಿರುವ 'ಪಾಕ್' ಪದಕ್ಕೆ ಪಾಕಿಸ್ತಾನಕ್ಕೂ ಯಾವುದೇ ಸಂಬಂಧವಿಲ್ಲ. ಕನ್ನಡದಲ್ಲಿ ಪಾಕ ಎಂದರೆ ಸಕ್ಕರೆ ಪಾಕ ಎಂದರ್ಥ. ಜೈಪುರದ ಸಿಹಿ ಅಂಗಡಿಗಳು ಮೈಸೂರು ಪಾಕ್ ಹೆಸರನ್ನು ಮೈಸೂರು ಶ್ರೀ ಎಂದು ಬದಲಾಯಿಸಿರುವುದು ವಿವಾದಕ್ಕೆ ಕಾರಣವಾಗಿದೆ. ಮೈಸೂರು ಅರಮನೆಯ ಪಾಕಶಾಲೆಯಲ್ಲಿ ಕಾಕಾಸುರ ಮಾದಪ್ಪ ಅವರು ಮೊದಲ ಬಾರಿಗೆ ಈ ಸಿಹಿ ತಯಾರಿಸಿದರು ಎಂಬ ಇತಿಹಾಸವಿದೆ.

ಅದು ಮೈಸೂರ್ ಪಾಕ್ ಅಲ್ಲ ಮೈಸೂರು ಪಾಕ

ನಾಲ್ವಡಿ ಕೃಷ್ಣರಾಜ ಒಡೆಯರ್ ಅವರ ಕಾಲದಲ್ಲಿ ಅರಮನೆಯ ಬಾಣಸಿಗ ಕಾಕಾಸುರ ಮಾದಪ್ಪ ಈ ಸಿಹಿ ತಯಾರಿಸಿದರು. ಕಡಲೆ ಹಿಟ್ಟು, ತುಪ್ಪ ಮತ್ತು ಸಕ್ಕರೆ ಪಾಕದಿಂದ ತಯಾರಿಸುವ ಈ ಸಿಹಿಗೆ ಮೈಸೂರು ಪಾಕ ಎಂದು ಹೆಸರಿಡಲಾಯಿತು. ಇಂದಿಗೂ ಮಾದಪ್ಪ ಅವರ ವಂಶಸ್ಥರು ಮೈಸೂರಿನಲ್ಲಿ ಗುರು ಸ್ವೀಟ್ಸ್ ಹೆಸರಿನಲ್ಲಿ ಈ ಸಿಹಿ ಮಾರಾಟ ಮಾಡುತ್ತಿದ್ದಾರೆ. ಹೆಸರು ಬದಲಾವಣೆ ಅನಗತ್ಯ ಎಂದು ಅವರು ಅಭಿಪ್ರಾಯಪಟ್ಟಿದ್ದಾರೆ.

ಪಾಕ ಎಂಬುದು ಸಂಸ್ಕೃತ ಮೂಲದ ಪದವಾಗಿದ್ದು, ಅಡುಗೆ ಅಥವಾ ಸಿಹಿ ಪಾಕ ಎಂದರ್ಥ. ಕನ್ನಡದಲ್ಲಿ ಪಾಕಶಾಸ್ತ್ರ, ಪಾಕಶಾಲೆ ಎಂಬ ಪದಗಳು ಬಳಕೆಯಲ್ಲಿವೆ. ಹೀಗಾಗಿ ಮೈಸೂರು ಪಾಕ ಹೆಸರಿಗೆ ಯಾವುದೇ ರಾಜಕೀಯ ಅರ್ಥ ಕಲ್ಪಿಸುವುದು ಸರಿಯಲ್ಲ ಎಂದು ಭಾಷಾ ತಜ್ಞರು ಹೇಳಿದ್ದಾರೆ.

ಜ್ವರ, ಶೀತವಿದ್ದರೆ ಶಾಲೆಗೆ ಬೇಡ

ಪುತ್ತೂರು ಕೋವಿಡ್ ಪ್ರಕರಣಗಳು ಮತ್ತೆ ಕಾಣಿಸಿಕೊಳ್ಳುತ್ತಿರುವ ಹಿನ್ನೆಲೆಯಲ್ಲಿ ಜ್ವರ, ಶೀತ, ಕೆಮ್ಮು ಲಕ್ಷಣಗಳಿರುವ ಮಕ್ಕಳನ್ನು ಶಾಲೆಗೆ ಕಳುಹಿಸದಂತೆ ಪೋಷಕರಿಗೆ ಆರೋಗ್ಯ ಇಲಾಖೆ ಸೂಚಿಸಿದೆ. ಶಾಲೆಗಳಲ್ಲಿ ಸ್ವಚ್ಛತೆ ಕಾಪಾಡಬೇಕು ಹಾಗೂ ಮಕ್ಕಳ ಆರೋಗ್ಯದ ಮೇಲೆ ನಿಗಾ ಇಡಬೇಕು ಎಂದು ಶಿಕ್ಷಣ ಇಲಾಖೆಯೂ ಮಾರ್ಗಸೂಚಿ ಹೊರಡಿಸಿದೆ.

ಅನ್ನಲ್ಲಿಗಳಲ್ಲಿ ಅಗತ್ಯ ವೈದ್ಯ ಪಡೆ

ರಾಜ್ಯದ ಎಲ್ಲ ಆಸ್ಪತ್ರೆಗಳಲ್ಲಿ ಅಗತ್ಯ ವೈದ್ಯಕೀಯ ಸಿಬ್ಬಂದಿ ಹಾಗೂ ಔಷಧ ದಾಸ್ತಾನು ಇಟ್ಟುಕೊಳ್ಳುವಂತೆ ಸೂಚಿಸಲಾಗಿದೆ. ಸೋಂಕಿತರು ಆತಂಕಪಡುವ ಅಗತ್ಯವಿಲ್ಲ ಎಂದು ಆರೋಗ್ಯ ಸಚಿವರು ತಿಳಿಸಿದ್ದಾರೆ. ರಾಜ್ಯದಲ್ಲಿ 62 ಸಕ್ರಿಯ ಪ್ರಕರಣಗಳಿವೆ.
